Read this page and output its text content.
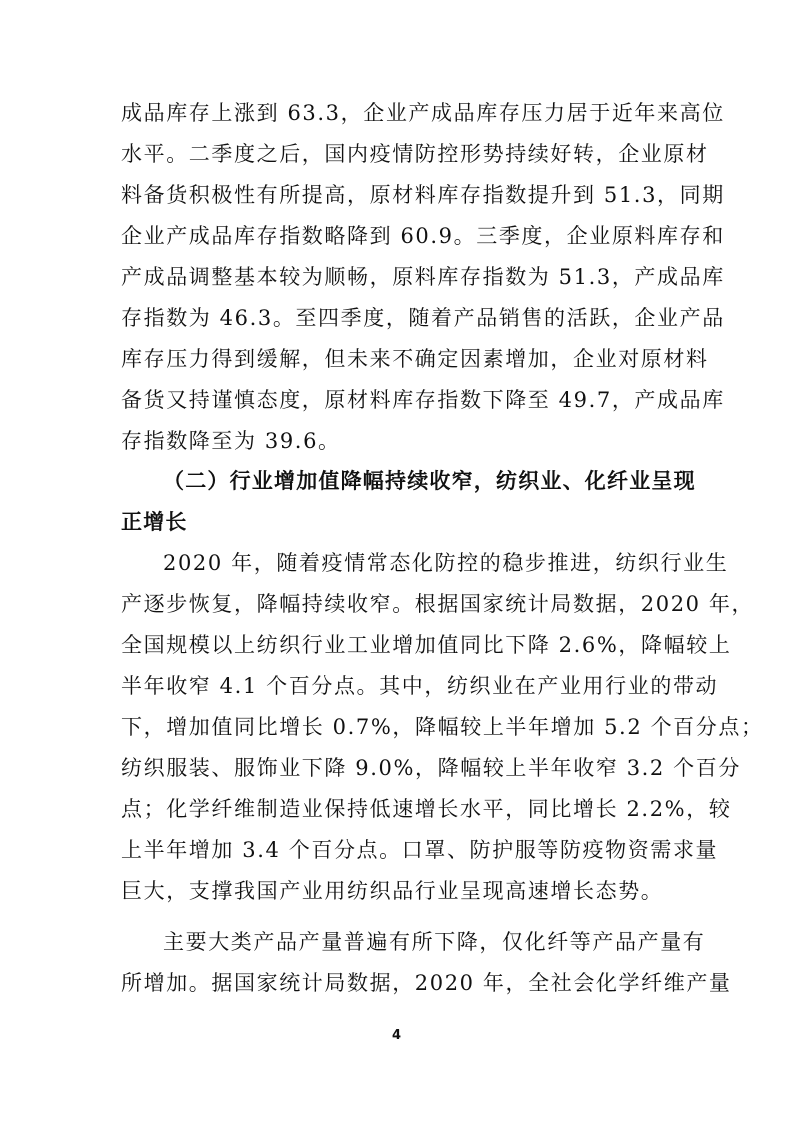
成品库存上涨到 63.3，企业产成品库存压力居于近年来高位
水平。二季度之后，国内疫情防控形势持续好转，企业原材
料备货积极性有所提高，原材料库存指数提升到 51.3，同期
企业产成品库存指数略降到 60.9。三季度，企业原料库存和
产成品调整基本较为顺畅，原料库存指数为 51.3，产成品库
存指数为 46.3。至四季度，随着产品销售的活跃，企业产品
库存压力得到缓解，但未来不确定因素增加，企业对原材料
备货又持谨慎态度，原材料库存指数下降至 49.7，产成品库
存指数降至为 39.6。
（二）行业增加值降幅持续收窄，纺织业、化纤业呈现
正增长
2020 年，随着疫情常态化防控的稳步推进，纺织行业生
产逐步恢复，降幅持续收窄。根据国家统计局数据，2020 年，
全国规模以上纺织行业工业增加值同比下降 2.6%，降幅较上
半年收窄 4.1 个百分点。其中，纺织业在产业用行业的带动
下，增加值同比增长 0.7%，降幅较上半年增加 5.2 个百分点；
纺织服装、服饰业下降 9.0%，降幅较上半年收窄 3.2 个百分
点；化学纤维制造业保持低速增长水平，同比增长 2.2%，较
上半年增加 3.4 个百分点。口罩、防护服等防疫物资需求量
巨大，支撑我国产业用纺织品行业呈现高速增长态势。
主要大类产品产量普遍有所下降，仅化纤等产品产量有
所增加。据国家统计局数据，2020 年，全社会化学纤维产量
4
